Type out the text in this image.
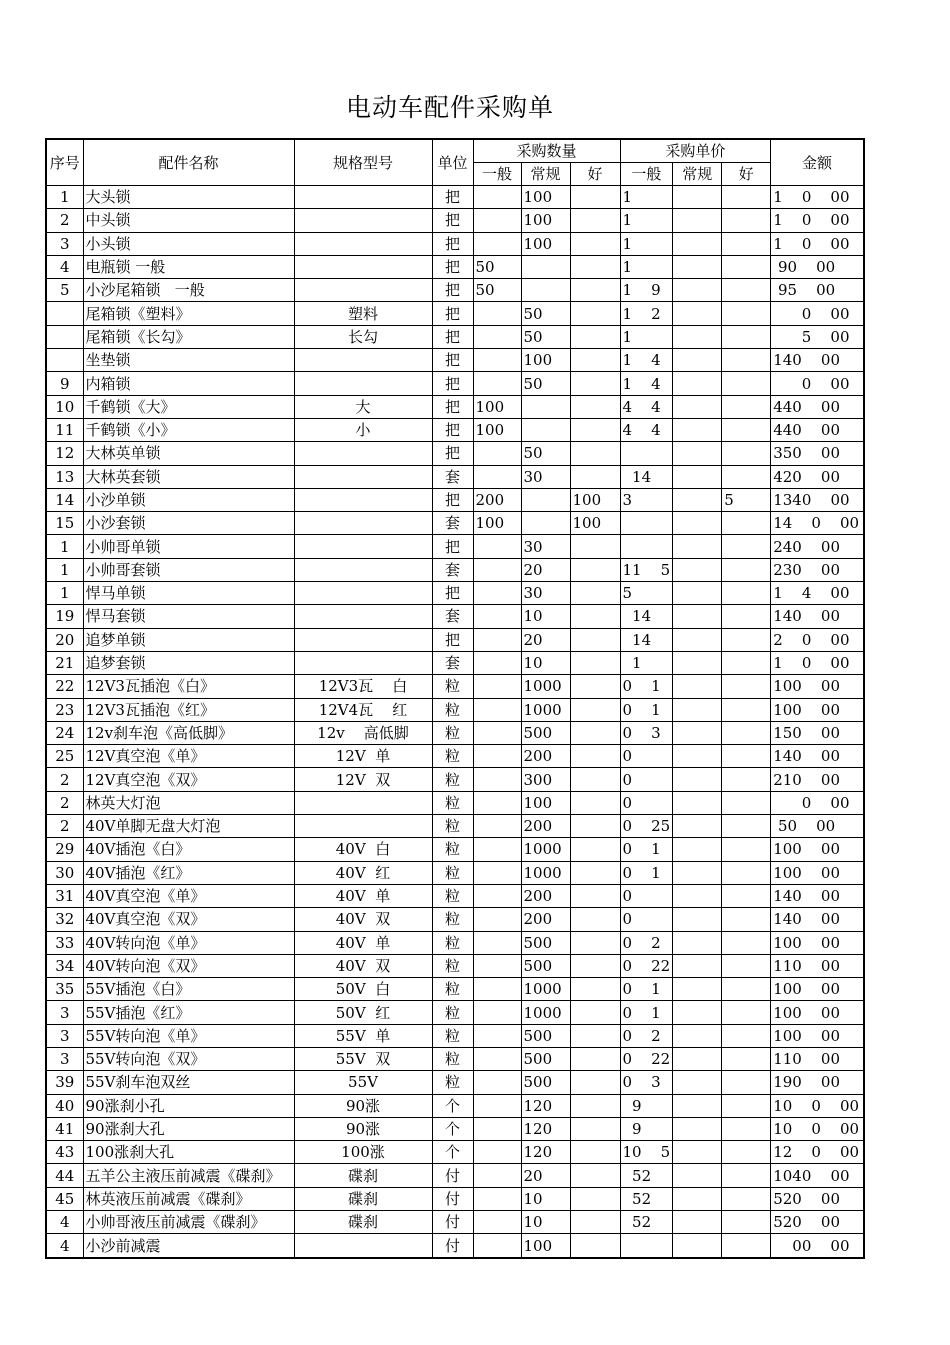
电动车配件采购单
序号	配件名称	规格型号	单位	采购数量			采购单价			金额
				一般	常规	好	一般	常规	好	
1	大头锁		把		100		1			1    0    00
2	中头锁		把		100		1			1    0    00
3	小头锁		把		100		1			1    0    00
4	电瓶锁 一般		把	50			1			90    00
5	小沙尾箱锁   一般		把	50			1    9			95    00
	尾箱锁《塑料》	塑料	把		50		1    2			0    00
	尾箱锁《长勾》	长勾	把		50		1			5    00
	坐垫锁		把		100		1    4			140    00
9	内箱锁		把		50		1    4			0    00
10	千鹤锁《大》	大	把	100			4    4			440    00
11	千鹤锁《小》	小	把	100			4    4			440    00
12	大林英单锁		把		50					350    00
13	大林英套锁		套		30		14			420    00
14	小沙单锁		把	200		100	3		5	1340    00
15	小沙套锁		套	100		100				14    0    00
1	小帅哥单锁		把		30					240    00
1	小帅哥套锁		套		20		11    5			230    00
1	悍马单锁		把		30		5			1    4    00
19	悍马套锁		套		10		14			140    00
20	追梦单锁		把		20		14			2    0    00
21	追梦套锁		套		10		1			1    0    00
22	12V3瓦插泡《白》	12V3瓦    白	粒		1000		0    1			100    00
23	12V3瓦插泡《红》	12V4瓦    红	粒		1000		0    1			100    00
24	12v刹车泡《高低脚》	12v    高低脚	粒		500		0    3			150    00
25	12V真空泡《单》	12V  单	粒		200		0			140    00
2	12V真空泡《双》	12V  双	粒		300		0			210    00
2	林英大灯泡		粒		100		0			0    00
2	40V单脚无盘大灯泡		粒		200		0    25			50    00
29	40V插泡《白》	40V  白	粒		1000		0    1			100    00
30	40V插泡《红》	40V  红	粒		1000		0    1			100    00
31	40V真空泡《单》	40V  单	粒		200		0			140    00
32	40V真空泡《双》	40V  双	粒		200		0			140    00
33	40V转向泡《单》	40V  单	粒		500		0    2			100    00
34	40V转向泡《双》	40V  双	粒		500		0    22			110    00
35	55V插泡《白》	50V  白	粒		1000		0    1			100    00
3	55V插泡《红》	50V  红	粒		1000		0    1			100    00
3	55V转向泡《单》	55V  单	粒		500		0    2			100    00
3	55V转向泡《双》	55V  双	粒		500		0    22			110    00
39	55V刹车泡双丝	55V	粒		500		0    3			190    00
40	90涨刹小孔	90涨	个		120		9			10    0    00
41	90涨刹大孔	90涨	个		120		9			10    0    00
43	100涨刹大孔	100涨	个		120		10    5			12    0    00
44	五羊公主液压前减震《碟刹》	碟刹	付		20		52			1040    00
45	林英液压前减震《碟刹》	碟刹	付		10		52			520    00
4	小帅哥液压前减震《碟刹》	碟刹	付		10		52			520    00
4	小沙前减震		付		100					00    00
